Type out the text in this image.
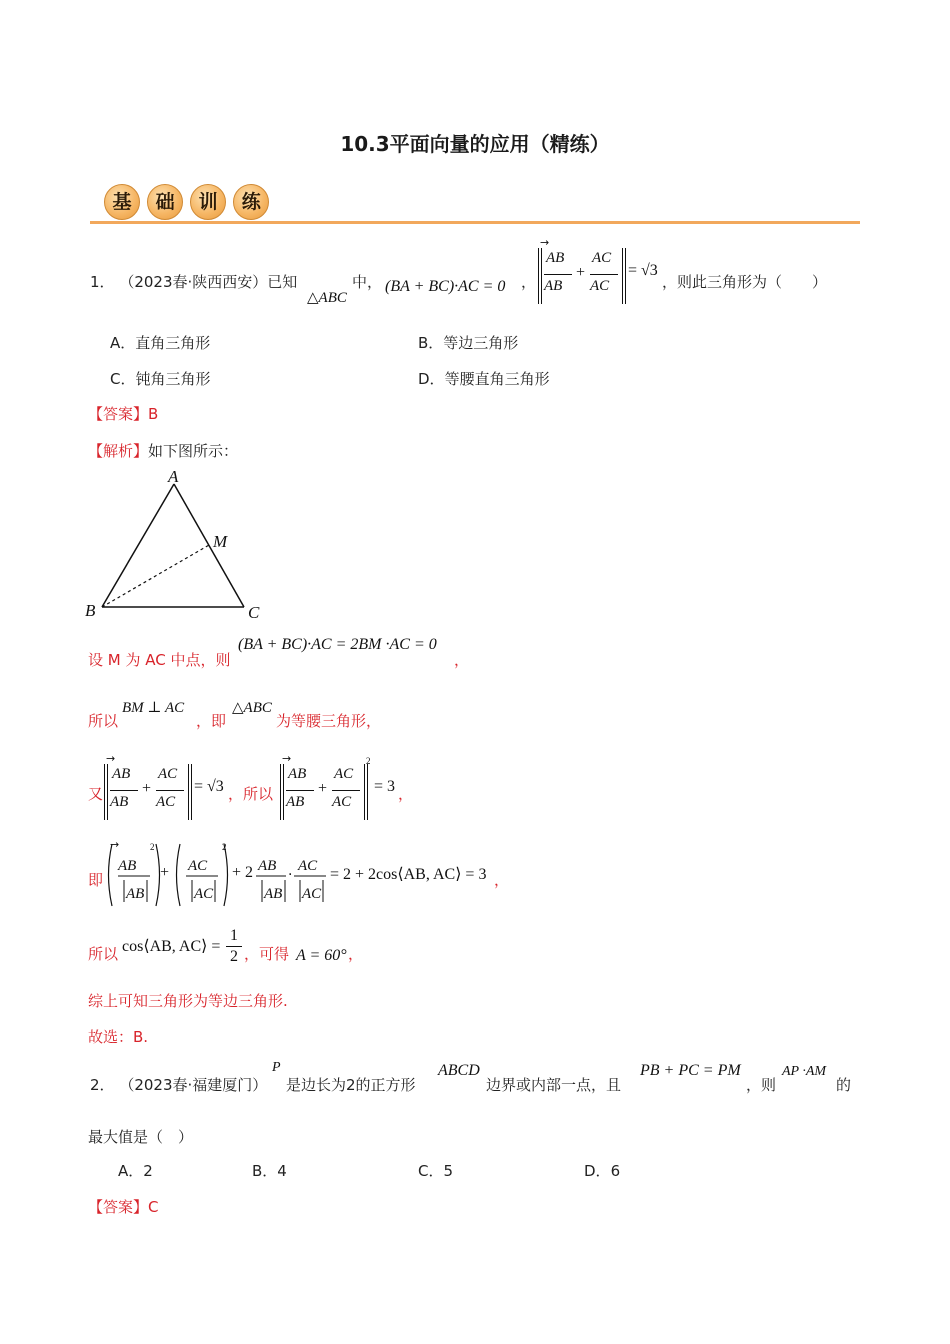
10.3平面向量的应用（精练）
基 础 训 练
1． （2023春·陕西西安）已知
△ABC
中， (BA + BC)·AC = 0 ，
→
AB
AB
+
AC
AC
= √3
，则此三角形为（　　）
A．直角三角形	B．等边三角形
C．钝角三角形	D．等腰直角三角形
【答案】B
【解析】如下图所示：
A
B	C
M
设 M 为 AC 中点，则
(BA + BC)·AC = 2BM ·AC = 0
，
所以
BM ⊥ AC
，即
△ABC
为等腰三角形，
又
→
AB
AB
+
AC
AC
= √3 ，所以
→
AB
AB
+
AC
AC
2
= 3 ，
即
→
AB
AB
2
+ AC
AC
2
+ 2 AB
AB
·
AC
AC
= 2 + 2cos⟨AB, AC⟩ = 3 ，
所以 cos⟨AB, AC⟩ =
1
2 ，可得 A = 60° ，
综上可知三角形为等边三角形.
故选：B.
2． （2023春·福建厦门）
P
是边长为2的正方形
ABCD
边界或内部一点，且
PB + PC = PM
，则
AP ·AM
的
最大值是（　）
A．2	B．4	C．5	D．6
【答案】C
